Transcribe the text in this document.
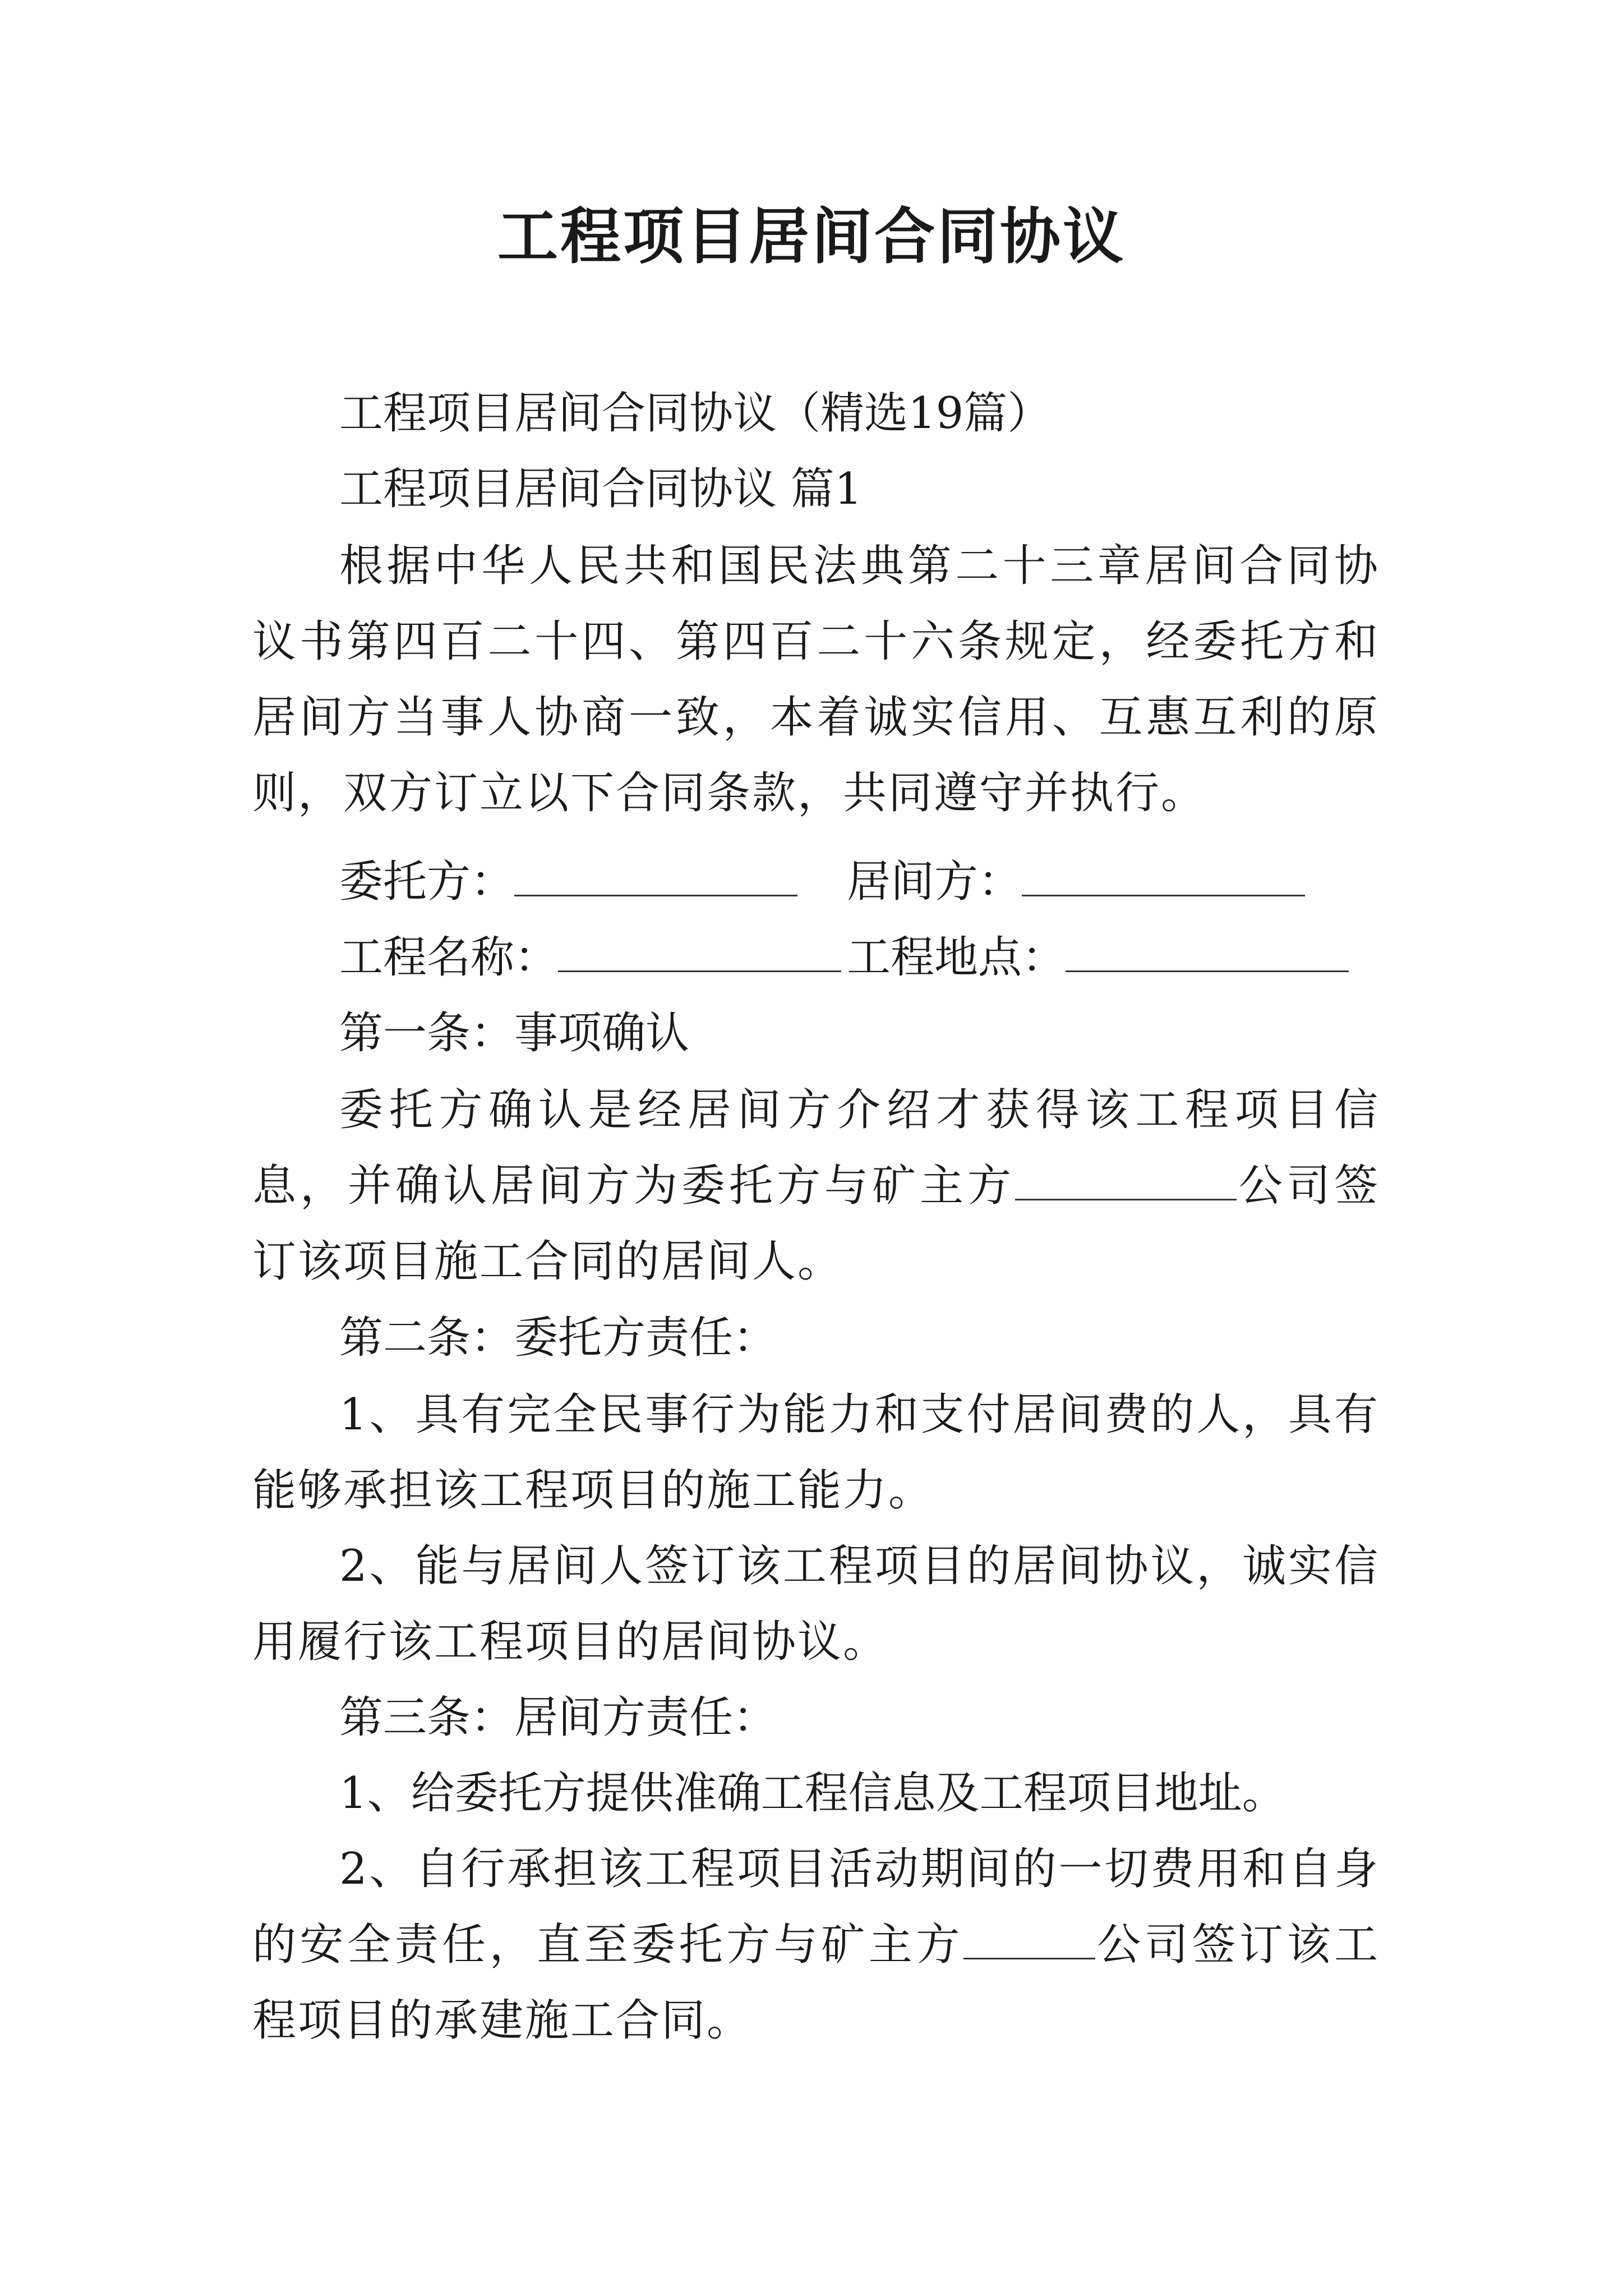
工程项目居间合同协议

工程项目居间合同协议（精选19篇）

工程项目居间合同协议 篇1

根据中华人民共和国民法典第二十三章居间合同协议书第四百二十四、第四百二十六条规定，经委托方和居间方当事人协商一致，本着诚实信用、互惠互利的原则，双方订立以下合同条款，共同遵守并执行。

委托方：	居间方：
工程名称：	工程地点：

第一条：事项确认

委托方确认是经居间方介绍才获得该工程项目信息，并确认居间方为委托方与矿主方	公司签订该项目施工合同的居间人。

第二条：委托方责任：

1、具有完全民事行为能力和支付居间费的人，具有能够承担该工程项目的施工能力。

2、能与居间人签订该工程项目的居间协议，诚实信用履行该工程项目的居间协议。

第三条：居间方责任：

1、给委托方提供准确工程信息及工程项目地址。

2、自行承担该工程项目活动期间的一切费用和自身的安全责任，直至委托方与矿主方	公司签订该工程项目的承建施工合同。
